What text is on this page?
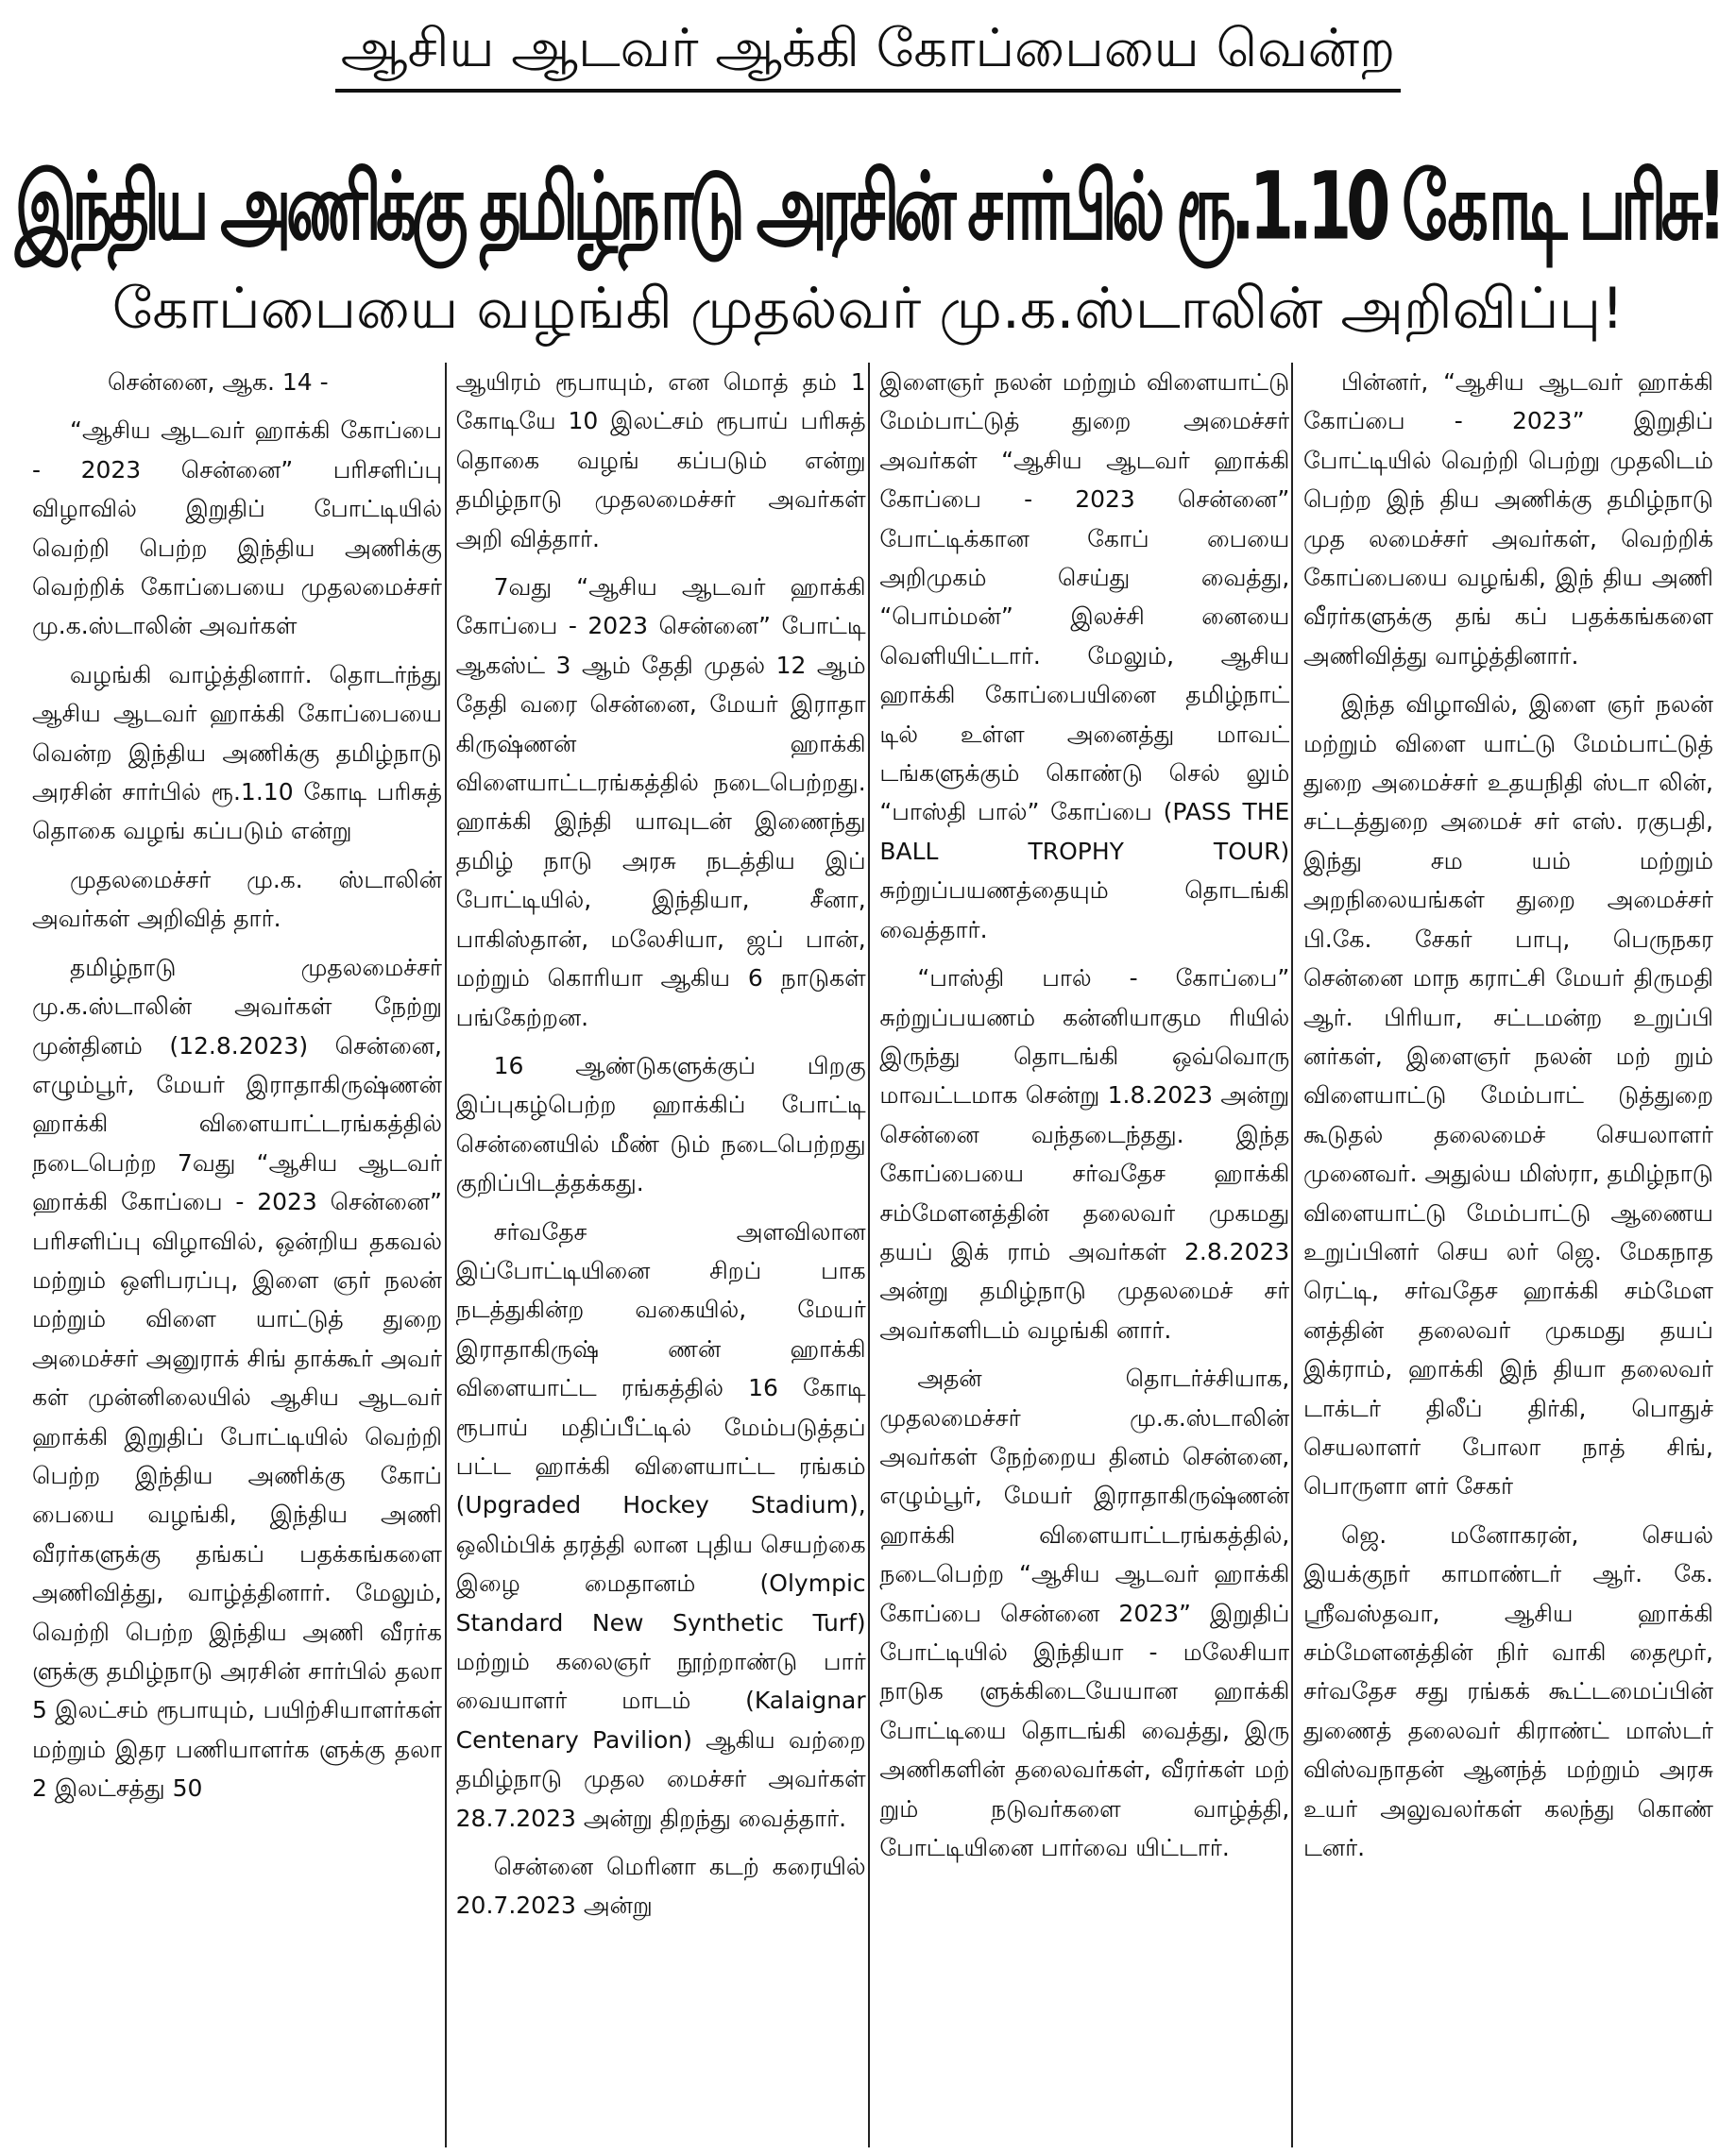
ஆசிய ஆடவர் ஆக்கி கோப்பையை வென்ற
இந்திய அணிக்கு தமிழ்நாடு அரசின் சார்பில் ரூ.1.10 கோடி பரிசு!
கோப்பையை வழங்கி முதல்வர் மு.க.ஸ்டாலின் அறிவிப்பு!

சென்னை, ஆக. 14 -

“ஆசிய ஆடவர் ஹாக்கி கோப்பை - 2023 சென்னை” பரிசளிப்பு விழாவில் இறுதிப் போட்டியில் வெற்றி பெற்ற இந்திய அணிக்கு வெற்றிக் கோப்பையை முதலமைச்சர் மு.க.ஸ்டாலின் அவர்கள்

வழங்கி வாழ்த்தினார். தொடர்ந்து ஆசிய ஆடவர் ஹாக்கி கோப்பையை வென்ற இந்திய அணிக்கு தமிழ்நாடு அரசின் சார்பில் ரூ.1.10 கோடி பரிசுத் தொகை வழங் கப்படும் என்று

முதலமைச்சர் மு.க. ஸ்டாலின் அவர்கள் அறிவித் தார்.

தமிழ்நாடு முதலமைச்சர் மு.க.ஸ்டாலின் அவர்கள் நேற்று முன்தினம் (12.8.2023) சென்னை, எழும்பூர், மேயர் இராதாகிருஷ்ணன் ஹாக்கி விளையாட்டரங்கத்தில் நடைபெற்ற 7வது “ஆசிய ஆடவர் ஹாக்கி கோப்பை - 2023 சென்னை” பரிசளிப்பு விழாவில், ஒன்றிய தகவல் மற்றும் ஒளிபரப்பு, இளை ஞர் நலன் மற்றும் விளை யாட்டுத் துறை அமைச்சர் அனுராக் சிங் தாக்கூர் அவர் கள் முன்னிலையில் ஆசிய ஆடவர் ஹாக்கி இறுதிப் போட்டியில் வெற்றி பெற்ற இந்திய அணிக்கு கோப் பையை வழங்கி, இந்திய அணி வீரர்களுக்கு தங்கப் பதக்கங்களை அணிவித்து, வாழ்த்தினார். மேலும், வெற்றி பெற்ற இந்திய அணி வீரர்க ளுக்கு தமிழ்நாடு அரசின் சார்பில் தலா 5 இலட்சம் ரூபாயும், பயிற்சியாளர்கள் மற்றும் இதர பணியாளர்க ளுக்கு தலா 2 இலட்சத்து 50

ஆயிரம் ரூபாயும், என மொத் தம் 1 கோடியே 10 இலட்சம் ரூபாய் பரிசுத் தொகை வழங் கப்படும் என்று தமிழ்நாடு முதலமைச்சர் அவர்கள் அறி வித்தார்.

7வது “ஆசிய ஆடவர் ஹாக்கி கோப்பை - 2023 சென்னை” போட்டி ஆகஸ்ட் 3 ஆம் தேதி முதல் 12 ஆம் தேதி வரை சென்னை, மேயர் இராதா கிருஷ்ணன் ஹாக்கி விளையாட்டரங்கத்தில் நடைபெற்றது. ஹாக்கி இந்தி யாவுடன் இணைந்து தமிழ் நாடு அரசு நடத்திய இப் போட்டியில், இந்தியா, சீனா, பாகிஸ்தான், மலேசியா, ஜப் பான், மற்றும் கொரியா ஆகிய 6 நாடுகள் பங்கேற்றன.

16 ஆண்டுகளுக்குப் பிறகு இப்புகழ்பெற்ற ஹாக்கிப் போட்டி சென்னையில் மீண் டும் நடைபெற்றது குறிப்பிடத்தக்கது.

சர்வதேச அளவிலான இப்போட்டியினை சிறப் பாக நடத்துகின்ற வகையில், மேயர் இராதாகிருஷ் ணன் ஹாக்கி விளையாட்ட ரங்கத்தில் 16 கோடி ரூபாய் மதிப்பீட்டில் மேம்படுத்தப் பட்ட ஹாக்கி விளையாட்ட ரங்கம் (Upgraded Hockey Stadium), ஒலிம்பிக் தரத்தி லான புதிய செயற்கை இழை மைதானம் (Olympic Standard New Synthetic Turf) மற்றும் கலைஞர் நூற்றாண்டு பார் வையாளர் மாடம் (Kalaignar Centenary Pavilion) ஆகிய வற்றை தமிழ்நாடு முதல மைச்சர் அவர்கள் 28.7.2023 அன்று திறந்து வைத்தார்.

சென்னை மெரினா கடற் கரையில் 20.7.2023 அன்று

இளைஞர் நலன் மற்றும் விளையாட்டு மேம்பாட்டுத் துறை அமைச்சர் அவர்கள் “ஆசிய ஆடவர் ஹாக்கி கோப்பை - 2023 சென்னை” போட்டிக்கான கோப் பையை அறிமுகம் செய்து வைத்து, “பொம்மன்” இலச்சி னையை வெளியிட்டார். மேலும், ஆசிய ஹாக்கி கோப்பையினை தமிழ்நாட் டில் உள்ள அனைத்து மாவட் டங்களுக்கும் கொண்டு செல் லும் “பாஸ்தி பால்” கோப்பை (PASS THE BALL TROPHY TOUR) சுற்றுப்பயணத்தையும் தொடங்கி வைத்தார்.

“பாஸ்தி பால் - கோப்பை” சுற்றுப்பயணம் கன்னியாகும ரியில் இருந்து தொடங்கி ஒவ்வொரு மாவட்டமாக சென்று 1.8.2023 அன்று சென்னை வந்தடைந்தது. இந்த கோப்பையை சர்வதேச ஹாக்கி சம்மேளனத்தின் தலைவர் முகமது தயப் இக் ராம் அவர்கள் 2.8.2023 அன்று தமிழ்நாடு முதலமைச் சர் அவர்களிடம் வழங்கி னார்.

அதன் தொடர்ச்சியாக, முதலமைச்சர் மு.க.ஸ்டாலின் அவர்கள் நேற்றைய தினம் சென்னை, எழும்பூர், மேயர் இராதாகிருஷ்ணன் ஹாக்கி விளையாட்டரங்கத்தில், நடைபெற்ற “ஆசிய ஆடவர் ஹாக்கி கோப்பை சென்னை 2023” இறுதிப் போட்டியில் இந்தியா - மலேசியா நாடுக ளுக்கிடையேயான ஹாக்கி போட்டியை தொடங்கி வைத்து, இரு அணிகளின் தலைவர்கள், வீரர்கள் மற் றும் நடுவர்களை வாழ்த்தி, போட்டியினை பார்வை யிட்டார்.

பின்னர், “ஆசிய ஆடவர் ஹாக்கி கோப்பை - 2023” இறுதிப் போட்டியில் வெற்றி பெற்று முதலிடம் பெற்ற இந் திய அணிக்கு தமிழ்நாடு முத லமைச்சர் அவர்கள், வெற்றிக் கோப்பையை வழங்கி, இந் திய அணி வீரர்களுக்கு தங் கப் பதக்கங்களை அணிவித்து வாழ்த்தினார்.

இந்த விழாவில், இளை ஞர் நலன் மற்றும் விளை யாட்டு மேம்பாட்டுத் துறை அமைச்சர் உதயநிதி ஸ்டா லின், சட்டத்துறை அமைச் சர் எஸ். ரகுபதி, இந்து சம யம் மற்றும் அறநிலையங்கள் துறை அமைச்சர் பி.கே. சேகர் பாபு, பெருநகர சென்னை மாந கராட்சி மேயர் திருமதி ஆர். பிரியா, சட்டமன்ற உறுப்பி னர்கள், இளைஞர் நலன் மற் றும் விளையாட்டு மேம்பாட் டுத்துறை கூடுதல் தலைமைச் செயலாளர் முனைவர். அதுல்ய மிஸ்ரா, தமிழ்நாடு விளையாட்டு மேம்பாட்டு ஆணைய உறுப்பினர் செய லர் ஜெ. மேகநாத ரெட்டி, சர்வதேச ஹாக்கி சம்மேள னத்தின் தலைவர் முகமது தயப் இக்ராம், ஹாக்கி இந் தியா தலைவர் டாக்டர் திலீப் திர்கி, பொதுச் செயலாளர் போலா நாத் சிங், பொருளா ளர் சேகர்

ஜெ. மனோகரன், செயல் இயக்குநர் காமாண்டர் ஆர். கே. ஸ்ரீவஸ்தவா, ஆசிய ஹாக்கி சம்மேளனத்தின் நிர் வாகி தைமூர், சர்வதேச சது ரங்கக் கூட்டமைப்பின் துணைத் தலைவர் கிராண்ட் மாஸ்டர் விஸ்வநாதன் ஆனந்த் மற்றும் அரசு உயர் அலுவலர்கள் கலந்து கொண் டனர்.
